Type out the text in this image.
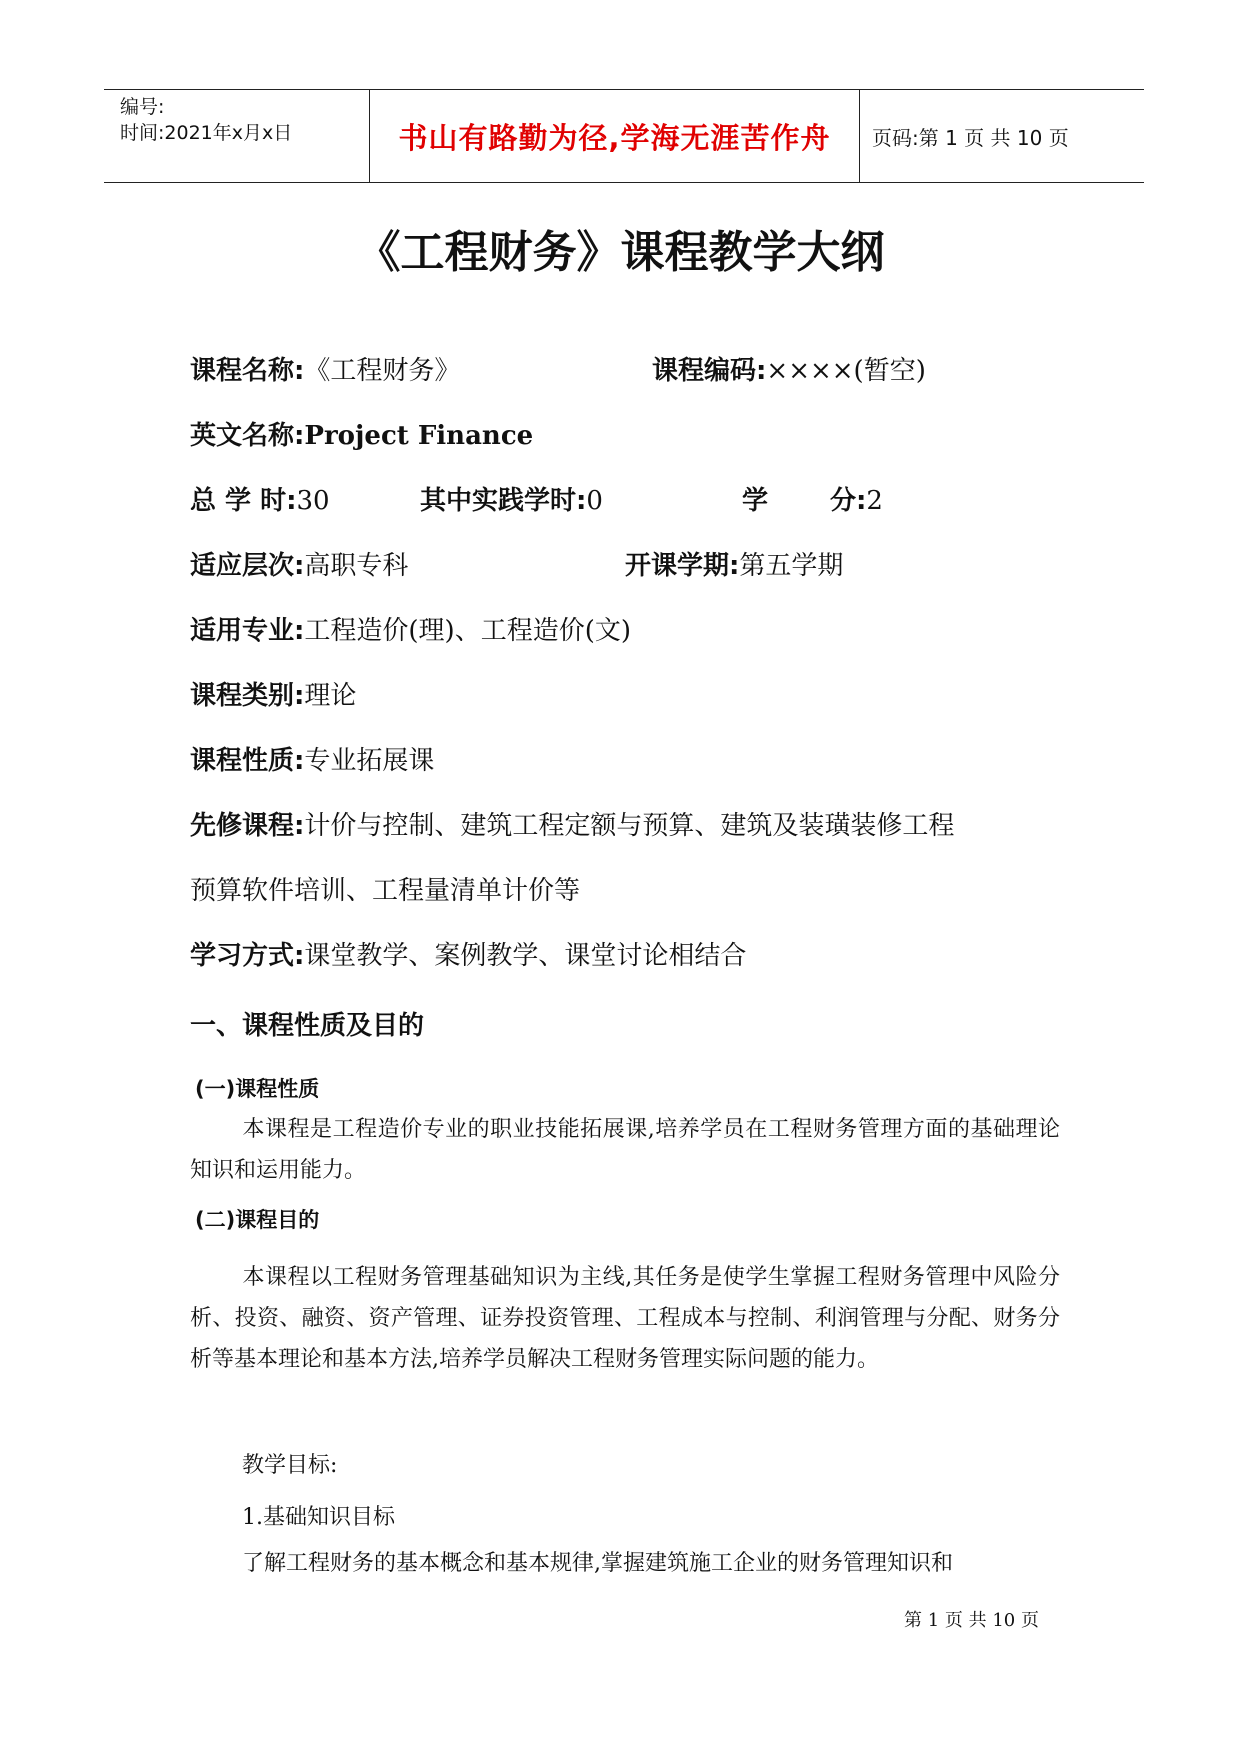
编号:
时间:2021年x月x日	书山有路勤为径,学海无涯苦作舟 页码:第 1 页 共 10 页
《工程财务》课程教学大纲
课程名称:《工程财务》	课程编码:××××(暂空)
英文名称:Project Finance
总 学 时:30	其中实践学时:0	学 分:2
适应层次:高职专科	开课学期:第五学期
适用专业:工程造价(理)、工程造价(文)
课程类别:理论
课程性质:专业拓展课
先修课程:计价与控制、建筑工程定额与预算、建筑及装璜装修工程
预算软件培训、工程量清单计价等
学习方式:课堂教学、案例教学、课堂讨论相结合
一、课程性质及目的
(一)课程性质
本课程是工程造价专业的职业技能拓展课,培养学员在工程财务管理方面的基础理论知识和运用能力。
(二)课程目的
本课程以工程财务管理基础知识为主线,其任务是使学生掌握工程财务管理中风险分析、投资、融资、资产管理、证券投资管理、工程成本与控制、利润管理与分配、财务分析等基本理论和基本方法,培养学员解决工程财务管理实际问题的能力。
教学目标:
1.基础知识目标
了解工程财务的基本概念和基本规律,掌握建筑施工企业的财务管理知识和
第 1 页 共 10 页
